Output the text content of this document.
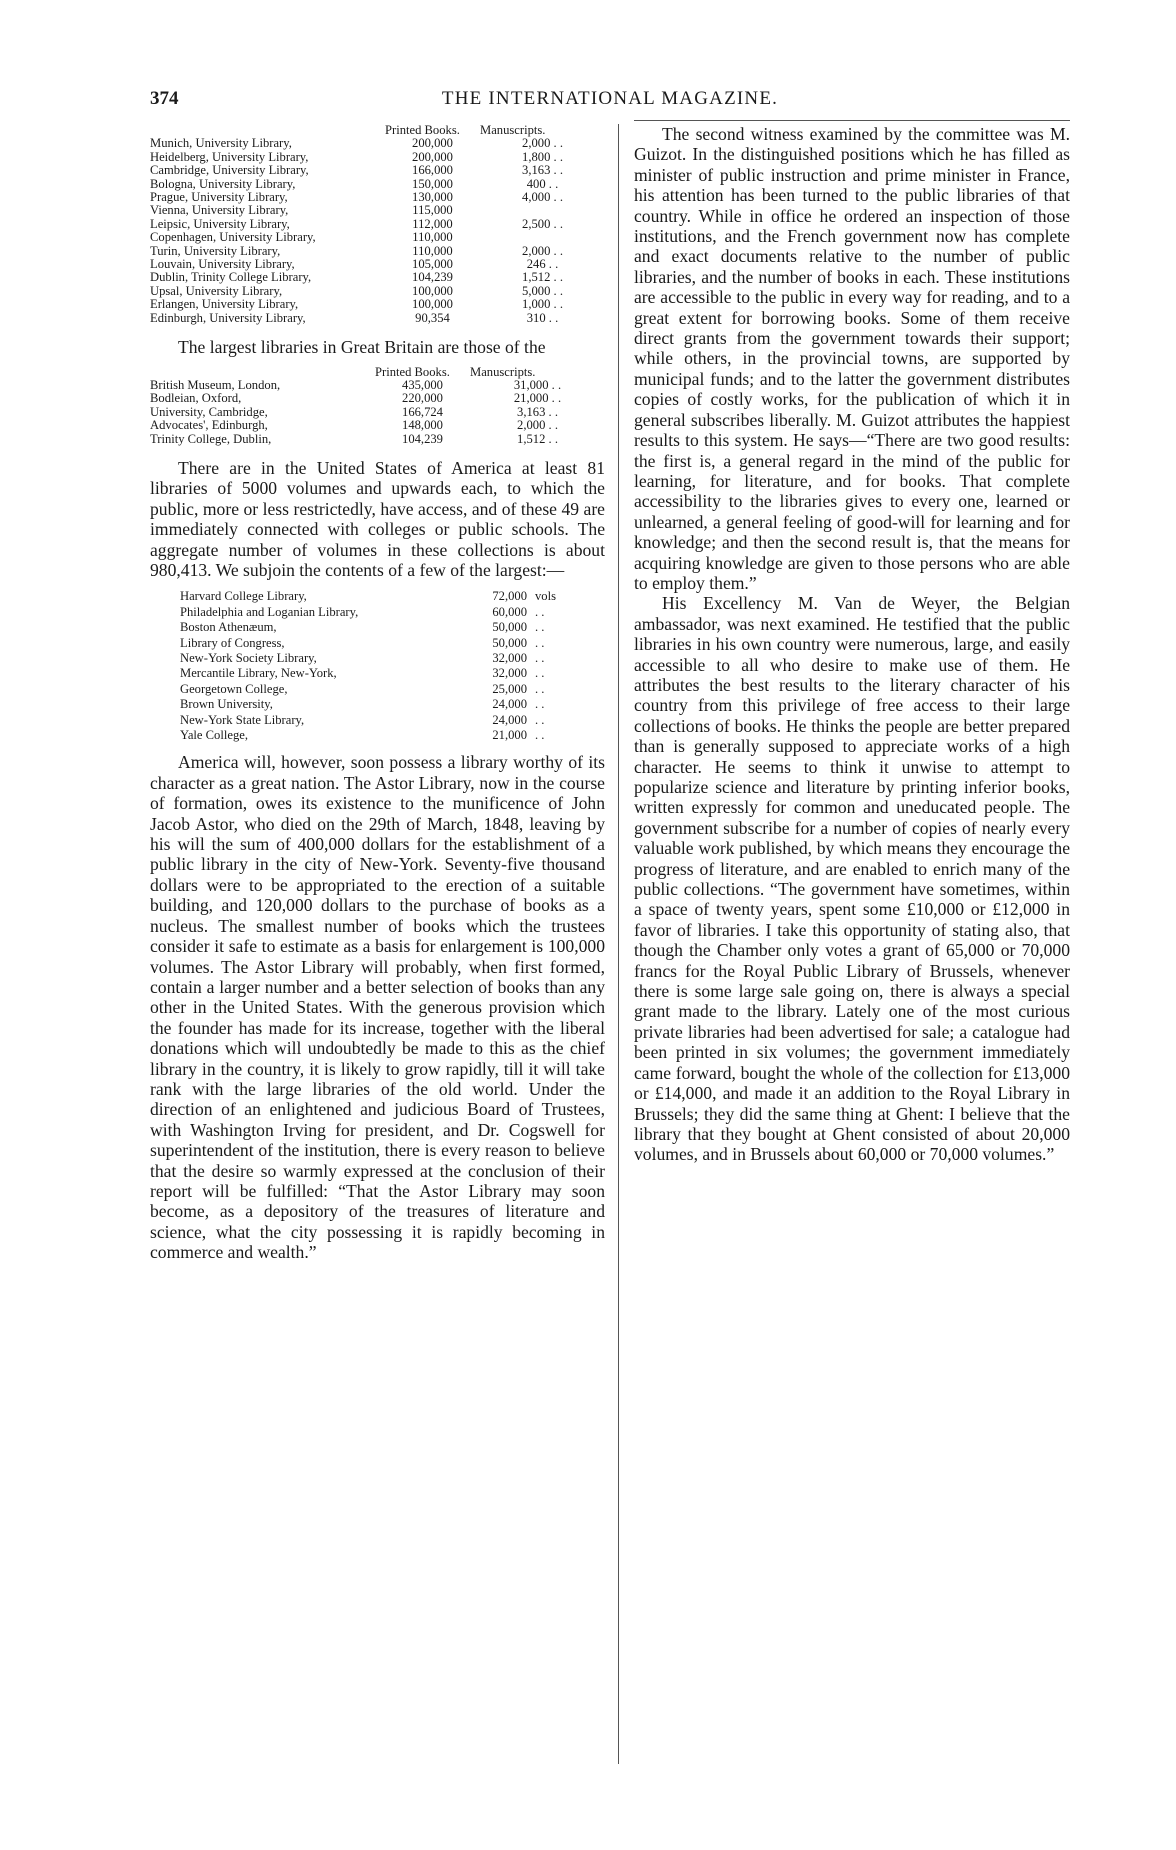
374	THE INTERNATIONAL MAGAZINE.
	Printed Books.	Manuscripts.
Munich, University Library,	200,000	2,000 . .
Heidelberg, University Library,	200,000	1,800 . .
Cambridge, University Library,	166,000	3,163 . .
Bologna, University Library,	150,000	400 . .
Prague, University Library,	130,000	4,000 . .
Vienna, University Library,	115,000	
Leipsic, University Library,	112,000	2,500 . .
Copenhagen, University Library,	110,000	
Turin, University Library,	110,000	2,000 . .
Louvain, University Library,	105,000	246 . .
Dublin, Trinity College Library,	104,239	1,512 . .
Upsal, University Library,	100,000	5,000 . .
Erlangen, University Library,	100,000	1,000 . .
Edinburgh, University Library,	90,354	310 . .

The largest libraries in Great Britain are those of the

	Printed Books.	Manuscripts.
British Museum, London,	435,000	31,000 . .
Bodleian, Oxford,	220,000	21,000 . .
University, Cambridge,	166,724	3,163 . .
Advocates', Edinburgh,	148,000	2,000 . .
Trinity College, Dublin,	104,239	1,512 . .

There are in the United States of America at least 81 libraries of 5000 volumes and upwards each, to which the public, more or less restrictedly, have access, and of these 49 are immediately connected with colleges or public schools. The aggregate number of volumes in these collections is about 980,413. We subjoin the contents of a few of the largest:—

Harvard College Library,	72,000	vols
Philadelphia and Loganian Library,	60,000	. .
Boston Athenæum,	50,000	. .
Library of Congress,	50,000	. .
New-York Society Library,	32,000	. .
Mercantile Library, New-York,	32,000	. .
Georgetown College,	25,000	. .
Brown University,	24,000	. .
New-York State Library,	24,000	. .
Yale College,	21,000	. .

America will, however, soon possess a library worthy of its character as a great nation. The Astor Library, now in the course of formation, owes its existence to the munificence of John Jacob Astor, who died on the 29th of March, 1848, leaving by his will the sum of 400,000 dollars for the establishment of a public library in the city of New-York. Seventy-five thousand dollars were to be appropriated to the erection of a suitable building, and 120,000 dollars to the purchase of books as a nucleus. The smallest number of books which the trustees consider it safe to estimate as a basis for enlargement is 100,000 volumes. The Astor Library will probably, when first formed, contain a larger number and a better selection of books than any other in the United States. With the generous provision which the founder has made for its increase, together with the liberal donations which will undoubtedly be made to this as the chief library in the country, it is likely to grow rapidly, till it will take rank with the large libraries of the old world. Under the direction of an enlightened and judicious Board of Trustees, with Washington Irving for president, and Dr. Cogswell for superintendent of the institution, there is every reason to believe that the desire so warmly expressed at the conclusion of their report will be fulfilled: “That the Astor Library may soon become, as a depository of the treasures of literature and science, what the city possessing it is rapidly becoming in commerce and wealth.”

The second witness examined by the committee was M. Guizot. In the distinguished positions which he has filled as minister of public instruction and prime minister in France, his attention has been turned to the public libraries of that country. While in office he ordered an inspection of those institutions, and the French government now has complete and exact documents relative to the number of public libraries, and the number of books in each. These institutions are accessible to the public in every way for reading, and to a great extent for borrowing books. Some of them receive direct grants from the government towards their support; while others, in the provincial towns, are supported by municipal funds; and to the latter the government distributes copies of costly works, for the publication of which it in general subscribes liberally. M. Guizot attributes the happiest results to this system. He says—“There are two good results: the first is, a general regard in the mind of the public for learning, for literature, and for books. That complete accessibility to the libraries gives to every one, learned or unlearned, a general feeling of good-will for learning and for knowledge; and then the second result is, that the means for acquiring knowledge are given to those persons who are able to employ them.”

His Excellency M. Van de Weyer, the Belgian ambassador, was next examined. He testified that the public libraries in his own country were numerous, large, and easily accessible to all who desire to make use of them. He attributes the best results to the literary character of his country from this privilege of free access to their large collections of books. He thinks the people are better prepared than is generally supposed to appreciate works of a high character. He seems to think it unwise to attempt to popularize science and literature by printing inferior books, written expressly for common and uneducated people. The government subscribe for a number of copies of nearly every valuable work published, by which means they encourage the progress of literature, and are enabled to enrich many of the public collections. “The government have sometimes, within a space of twenty years, spent some £10,000 or £12,000 in favor of libraries. I take this opportunity of stating also, that though the Chamber only votes a grant of 65,000 or 70,000 francs for the Royal Public Library of Brussels, whenever there is some large sale going on, there is always a special grant made to the library. Lately one of the most curious private libraries had been advertised for sale; a catalogue had been printed in six volumes; the government immediately came forward, bought the whole of the collection for £13,000 or £14,000, and made it an addition to the Royal Library in Brussels; they did the same thing at Ghent: I believe that the library that they bought at Ghent consisted of about 20,000 volumes, and in Brussels about 60,000 or 70,000 volumes.”
